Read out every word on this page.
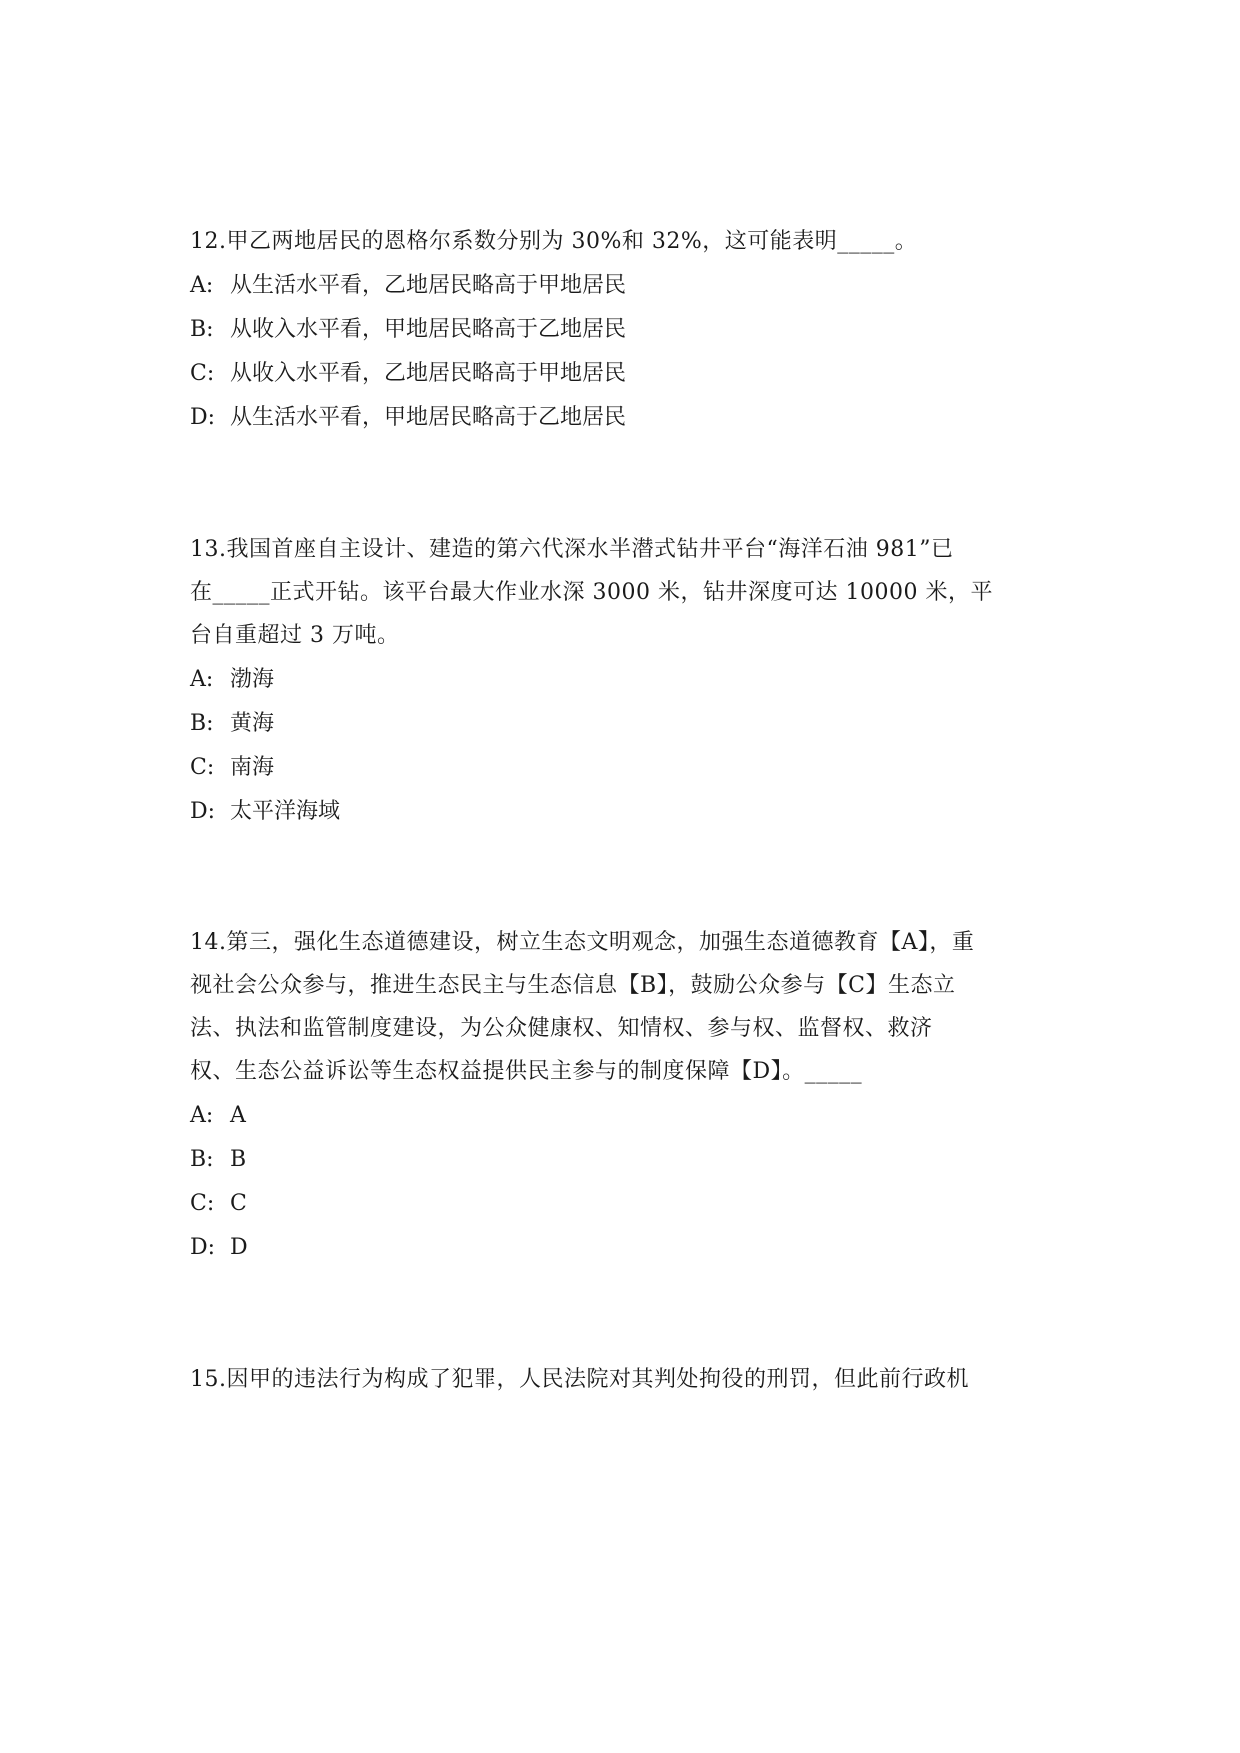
12.甲乙两地居民的恩格尔系数分别为 30%和 32%，这可能表明_____。
A: 从生活水平看，乙地居民略高于甲地居民
B: 从收入水平看，甲地居民略高于乙地居民
C: 从收入水平看，乙地居民略高于甲地居民
D: 从生活水平看，甲地居民略高于乙地居民
13.我国首座自主设计、建造的第六代深水半潜式钻井平台“海洋石油 981”已
在_____正式开钻。该平台最大作业水深 3000 米，钻井深度可达 10000 米，平
台自重超过 3 万吨。
A: 渤海
B: 黄海
C: 南海
D: 太平洋海域
14.第三，强化生态道德建设，树立生态文明观念，加强生态道德教育【A】，重
视社会公众参与，推进生态民主与生态信息【B】，鼓励公众参与【C】生态立
法、执法和监管制度建设，为公众健康权、知情权、参与权、监督权、救济
权、生态公益诉讼等生态权益提供民主参与的制度保障【D】。_____
A: A
B: B
C: C
D: D
15.因甲的违法行为构成了犯罪，人民法院对其判处拘役的刑罚，但此前行政机
